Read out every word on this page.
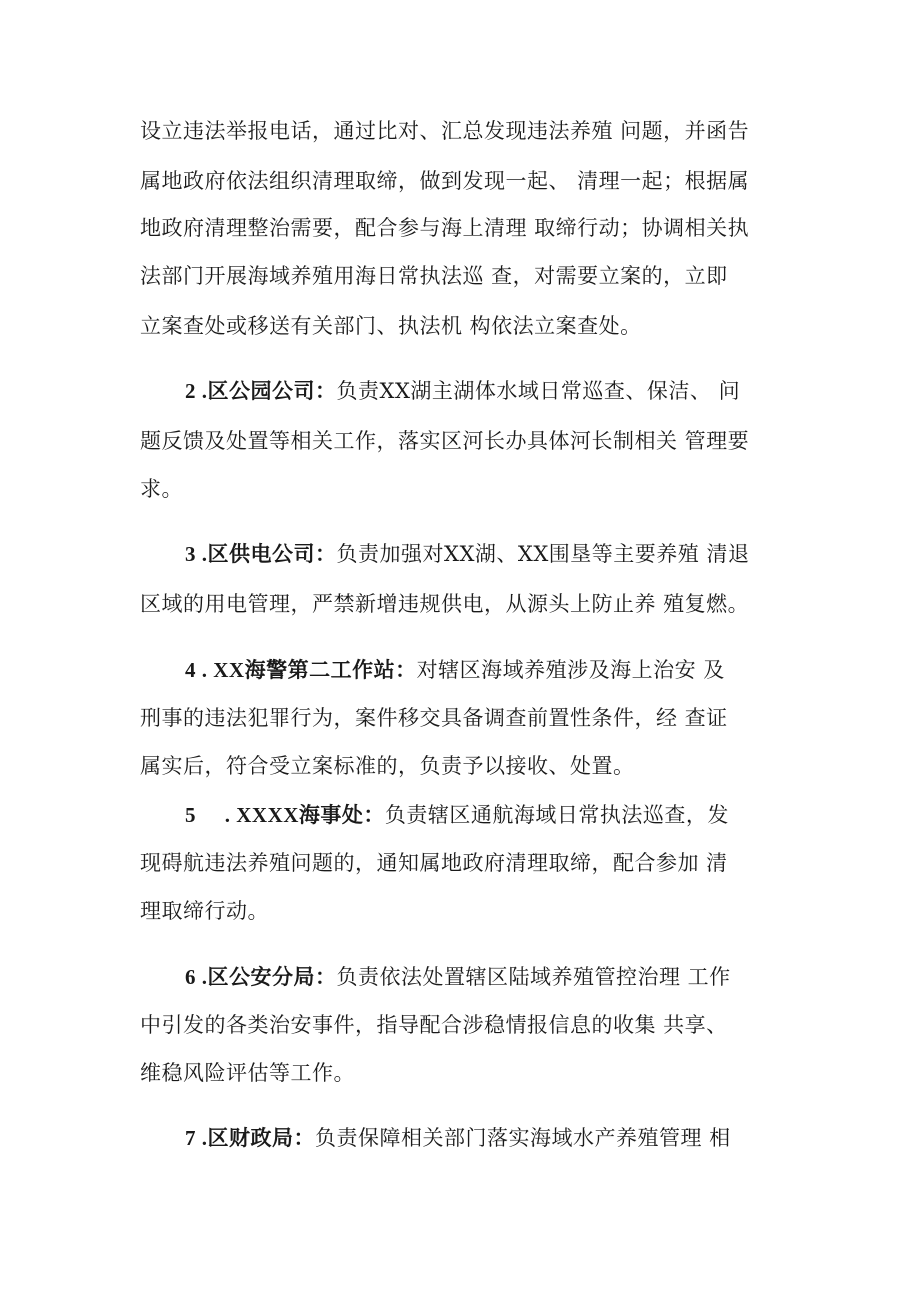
设立违法举报电话，通过比对、汇总发现违法养殖 问题，并函告
属地政府依法组织清理取缔，做到发现一起、 清理一起；根据属
地政府清理整治需要，配合参与海上清理 取缔行动；协调相关执
法部门开展海域养殖用海日常执法巡 查，对需要立案的，立即
立案查处或移送有关部门、执法机 构依法立案查处。
2 .区公园公司：负责XX湖主湖体水域日常巡查、保洁、 问
题反馈及处置等相关工作，落实区河长办具体河长制相关 管理要
求。
3 .区供电公司：负责加强对XX湖、XX围垦等主要养殖 清退
区域的用电管理，严禁新增违规供电，从源头上防止养 殖复燃。
4 . XX海警第二工作站：对辖区海域养殖涉及海上治安 及
刑事的违法犯罪行为，案件移交具备调查前置性条件，经 查证
属实后，符合受立案标准的，负责予以接收、处置。
5     . XXXX海事处：负责辖区通航海域日常执法巡查，发
现碍航违法养殖问题的，通知属地政府清理取缔，配合参加 清
理取缔行动。
6 .区公安分局：负责依法处置辖区陆域养殖管控治理 工作
中引发的各类治安事件，指导配合涉稳情报信息的收集 共享、
维稳风险评估等工作。
7 .区财政局：负责保障相关部门落实海域水产养殖管理 相
